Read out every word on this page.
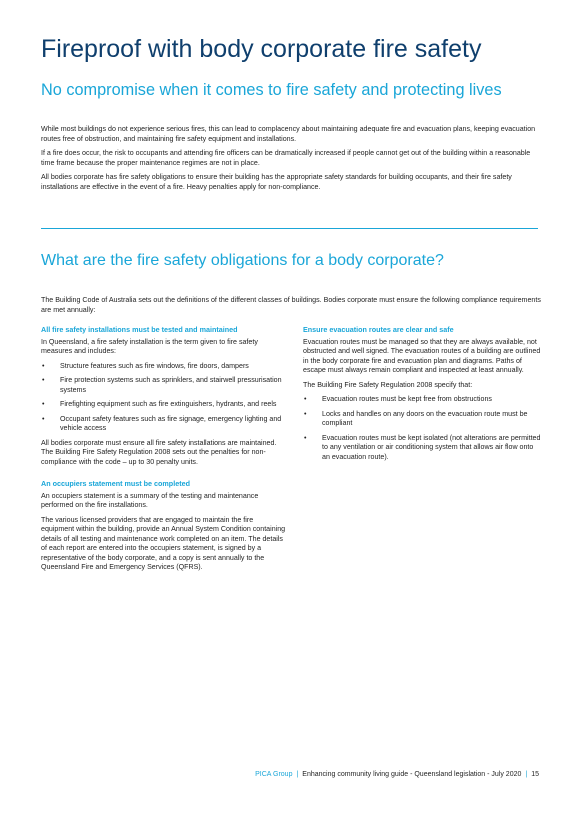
Fireproof with body corporate fire safety
No compromise when it comes to fire safety and protecting lives

While most buildings do not experience serious fires, this can lead to complacency about maintaining adequate fire and evacuation plans, keeping evacuation routes free of obstruction, and maintaining fire safety equipment and installations.

If a fire does occur, the risk to occupants and attending fire officers can be dramatically increased if people cannot get out of the building within a reasonable time frame because the proper maintenance regimes are not in place.

All bodies corporate has fire safety obligations to ensure their building has the appropriate safety standards for building occupants, and their fire safety installations are effective in the event of a fire. Heavy penalties apply for non-compliance.

What are the fire safety obligations for a body corporate?

The Building Code of Australia sets out the definitions of the different classes of buildings. Bodies corporate must ensure the following compliance requirements are met annually:

All fire safety installations must be tested and maintained

In Queensland, a fire safety installation is the term given to fire safety measures and includes:

• Structure features such as fire windows, fire doors, dampers
• Fire protection systems such as sprinklers, and stairwell pressurisation systems
• Firefighting equipment such as fire extinguishers, hydrants, and reels
• Occupant safety features such as fire signage, emergency lighting and vehicle access

All bodies corporate must ensure all fire safety installations are maintained. The Building Fire Safety Regulation 2008 sets out the penalties for non-compliance with the code – up to 30 penalty units.

An occupiers statement must be completed

An occupiers statement is a summary of the testing and maintenance performed on the fire installations.

The various licensed providers that are engaged to maintain the fire equipment within the building, provide an Annual System Condition containing details of all testing and maintenance work completed on an item. The details of each report are entered into the occupiers statement, is signed by a representative of the body corporate, and a copy is sent annually to the Queensland Fire and Emergency Services (QFRS).

Ensure evacuation routes are clear and safe

Evacuation routes must be managed so that they are always available, not obstructed and well signed. The evacuation routes of a building are outlined in the body corporate fire and evacuation plan and diagrams. Paths of escape must always remain compliant and inspected at least annually.

The Building Fire Safety Regulation 2008 specify that:

• Evacuation routes must be kept free from obstructions
• Locks and handles on any doors on the evacuation route must be compliant
• Evacuation routes must be kept isolated (not alterations are permitted to any ventilation or air conditioning system that allows air flow onto an evacuation route).
PICA Group | Enhancing community living guide - Queensland legislation - July 2020 | 15
